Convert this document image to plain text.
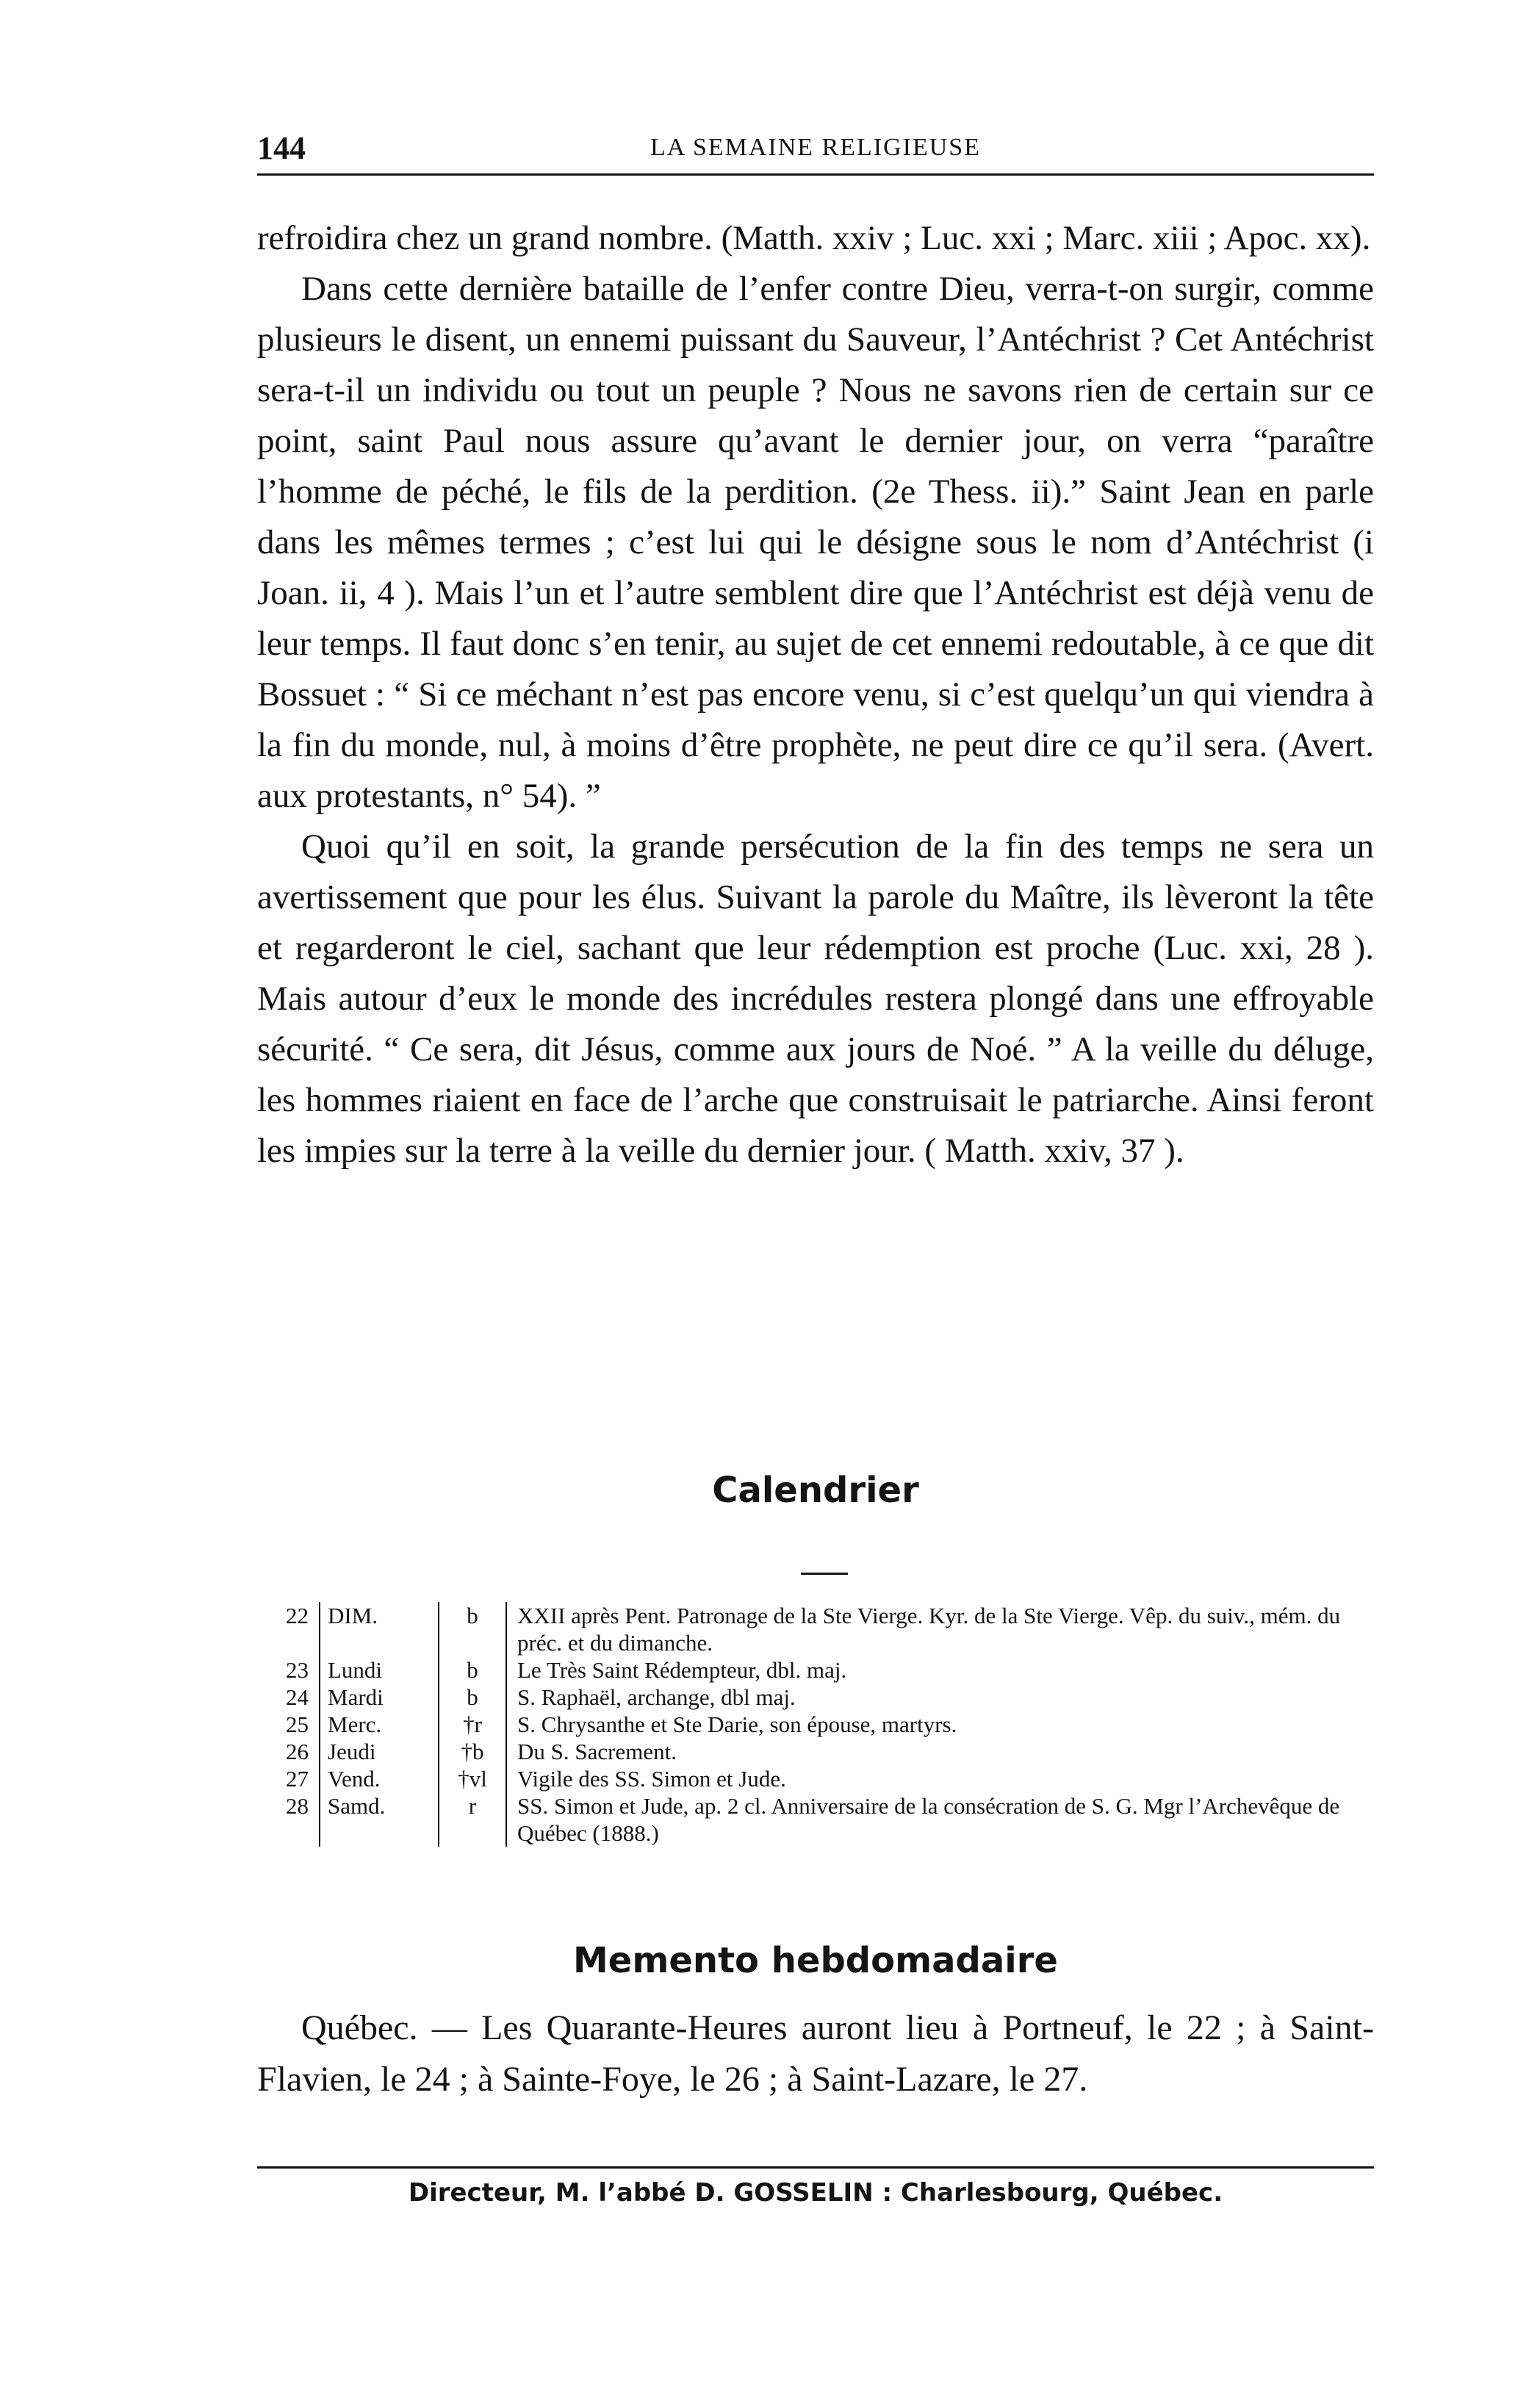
144	LA SEMAINE RELIGIEUSE

refroidira chez un grand nombre. (Matth. xxiv ; Luc. xxi ; Marc. xiii ; Apoc. xx).

Dans cette dernière bataille de l’enfer contre Dieu, verra-t-on surgir, comme plusieurs le disent, un ennemi puissant du Sauveur, l’Antéchrist ? Cet Antéchrist sera-t-il un individu ou tout un peuple ? Nous ne savons rien de certain sur ce point, saint Paul nous assure qu’avant le dernier jour, on verra “paraître l’homme de péché, le fils de la perdition. (2e Thess. ii).” Saint Jean en parle dans les mêmes termes ; c’est lui qui le désigne sous le nom d’Antéchrist (i Joan. ii, 4 ). Mais l’un et l’autre semblent dire que l’Antéchrist est déjà venu de leur temps. Il faut donc s’en tenir, au sujet de cet ennemi redoutable, à ce que dit Bossuet : “ Si ce méchant n’est pas encore venu, si c’est quelqu’un qui viendra à la fin du monde, nul, à moins d’être prophète, ne peut dire ce qu’il sera. (Avert. aux protestants, n° 54). ”

Quoi qu’il en soit, la grande persécution de la fin des temps ne sera un avertissement que pour les élus. Suivant la parole du Maître, ils lèveront la tête et regarderont le ciel, sachant que leur rédemption est proche (Luc. xxi, 28 ). Mais autour d’eux le monde des incrédules restera plongé dans une effroyable sécurité. “ Ce sera, dit Jésus, comme aux jours de Noé. ” A la veille du déluge, les hommes riaient en face de l’arche que construisait le patriarche. Ainsi feront les impies sur la terre à la veille du dernier jour. ( Matth. xxiv, 37 ).

Calendrier
22	DIM.	b	XXII après Pent. Patronage de la Ste Vierge. Kyr. de la Ste Vierge. Vêp. du suiv., mém. du préc. et du dimanche.
23	Lundi	b	Le Très Saint Rédempteur, dbl. maj.
24	Mardi	b	S. Raphaël, archange, dbl maj.
25	Merc.	†r	S. Chrysanthe et Ste Darie, son épouse, martyrs.
26	Jeudi	†b	Du S. Sacrement.
27	Vend.	†vl	Vigile des SS. Simon et Jude.
28	Samd.	r	SS. Simon et Jude, ap. 2 cl. Anniversaire de la consécration de S. G. Mgr l’Archevêque de Québec (1888.)
Memento hebdomadaire

Québec. — Les Quarante-Heures auront lieu à Portneuf, le 22 ; à Saint-Flavien, le 24 ; à Sainte-Foye, le 26 ; à Saint-Lazare, le 27.

Directeur, M. l’abbé D. GOSSELIN : Charlesbourg, Québec.
